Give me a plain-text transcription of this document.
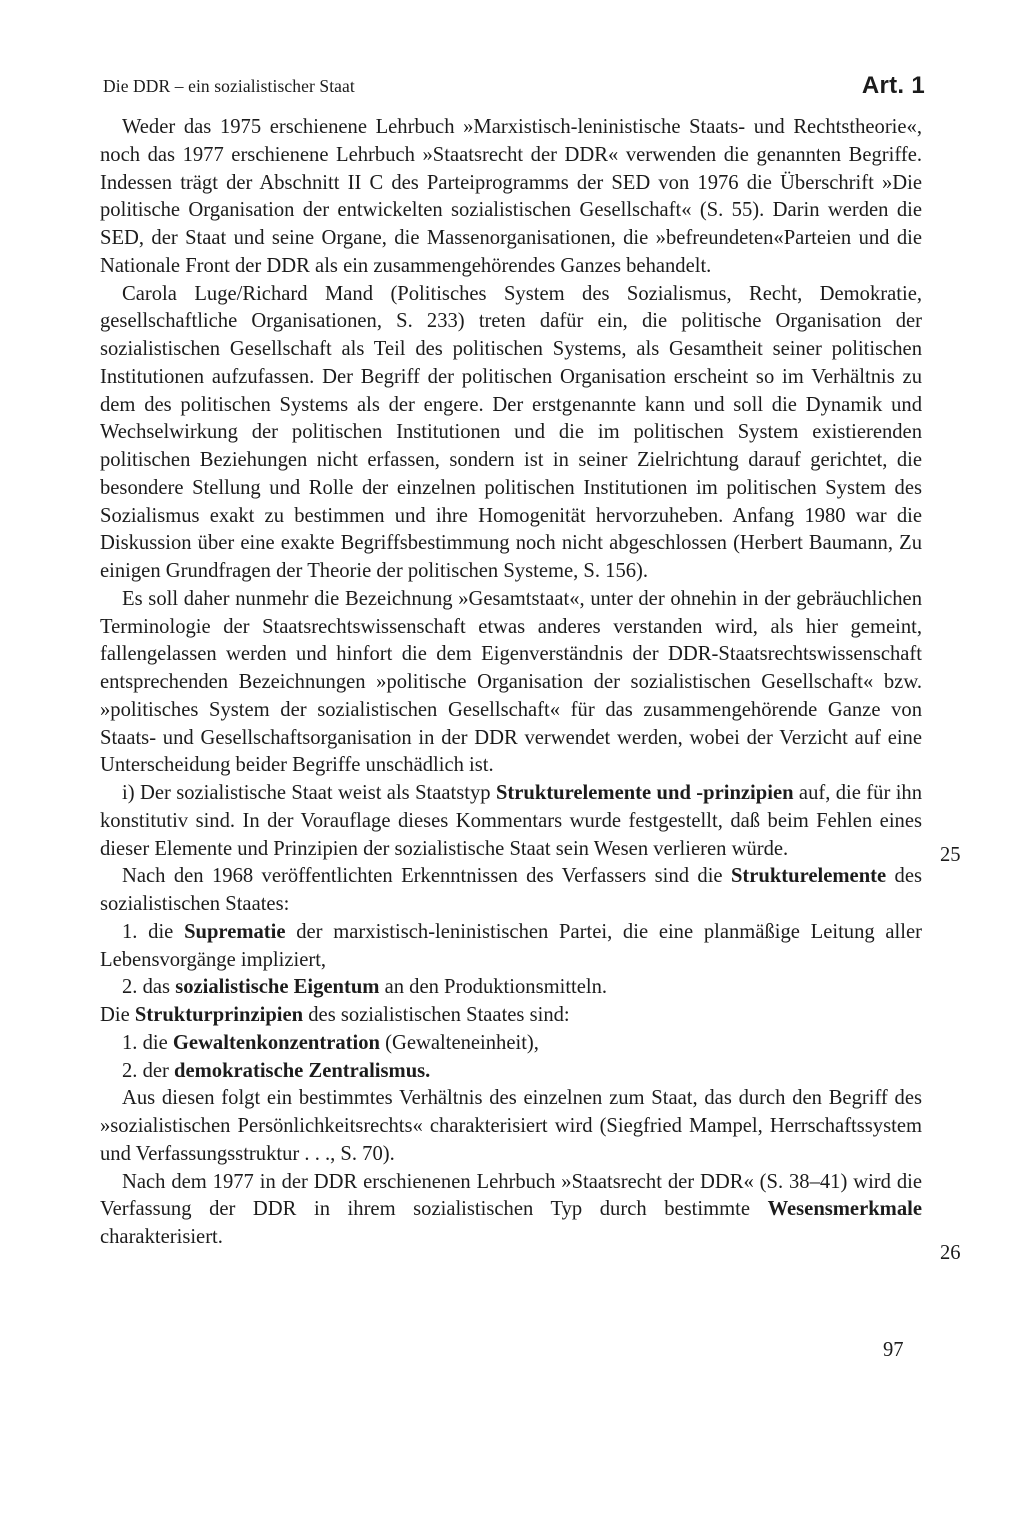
Die DDR – ein sozialistischer Staat	Art. 1

Weder das 1975 erschienene Lehrbuch »Marxistisch-leninistische Staats- und Rechtstheorie«, noch das 1977 erschienene Lehrbuch »Staatsrecht der DDR« verwenden die genannten Begriffe. Indessen trägt der Abschnitt II C des Parteiprogramms der SED von 1976 die Überschrift »Die politische Organisation der entwickelten sozialistischen Gesellschaft« (S. 55). Darin werden die SED, der Staat und seine Organe, die Massenorganisationen, die »befreundeten«Parteien und die Nationale Front der DDR als ein zusammengehörendes Ganzes behandelt.

Carola Luge/Richard Mand (Politisches System des Sozialismus, Recht, Demokratie, gesellschaftliche Organisationen, S. 233) treten dafür ein, die politische Organisation der sozialistischen Gesellschaft als Teil des politischen Systems, als Gesamtheit seiner politischen Institutionen aufzufassen. Der Begriff der politischen Organisation erscheint so im Verhältnis zu dem des politischen Systems als der engere. Der erstgenannte kann und soll die Dynamik und Wechselwirkung der politischen Institutionen und die im politischen System existierenden politischen Beziehungen nicht erfassen, sondern ist in seiner Zielrichtung darauf gerichtet, die besondere Stellung und Rolle der einzelnen politischen Institutionen im politischen System des Sozialismus exakt zu bestimmen und ihre Homogenität hervorzuheben. Anfang 1980 war die Diskussion über eine exakte Begriffsbestimmung noch nicht abgeschlossen (Herbert Baumann, Zu einigen Grundfragen der Theorie der politischen Systeme, S. 156).

Es soll daher nunmehr die Bezeichnung »Gesamtstaat«, unter der ohnehin in der gebräuchlichen Terminologie der Staatsrechtswissenschaft etwas anderes verstanden wird, als hier gemeint, fallengelassen werden und hinfort die dem Eigenverständnis der DDR-Staatsrechtswissenschaft entsprechenden Bezeichnungen »politische Organisation der sozialistischen Gesellschaft« bzw. »politisches System der sozialistischen Gesellschaft« für das zusammengehörende Ganze von Staats- und Gesellschaftsorganisation in der DDR verwendet werden, wobei der Verzicht auf eine Unterscheidung beider Begriffe unschädlich ist.

i) Der sozialistische Staat weist als Staatstyp Strukturelemente und -prinzipien auf, die für ihn konstitutiv sind. In der Vorauflage dieses Kommentars wurde festgestellt, daß beim Fehlen eines dieser Elemente und Prinzipien der sozialistische Staat sein Wesen verlieren würde.

Nach den 1968 veröffentlichten Erkenntnissen des Verfassers sind die Strukturelemente des sozialistischen Staates:

1. die Suprematie der marxistisch-leninistischen Partei, die eine planmäßige Leitung aller Lebensvorgänge impliziert,

2. das sozialistische Eigentum an den Produktionsmitteln.

Die Strukturprinzipien des sozialistischen Staates sind:

1. die Gewaltenkonzentration (Gewalteneinheit),

2. der demokratische Zentralismus.

Aus diesen folgt ein bestimmtes Verhältnis des einzelnen zum Staat, das durch den Begriff des »sozialistischen Persönlichkeitsrechts« charakterisiert wird (Siegfried Mampel, Herrschaftssystem und Verfassungsstruktur . . ., S. 70).

Nach dem 1977 in der DDR erschienenen Lehrbuch »Staatsrecht der DDR« (S. 38–41) wird die Verfassung der DDR in ihrem sozialistischen Typ durch bestimmte Wesensmerkmale charakterisiert.

25
26
97
